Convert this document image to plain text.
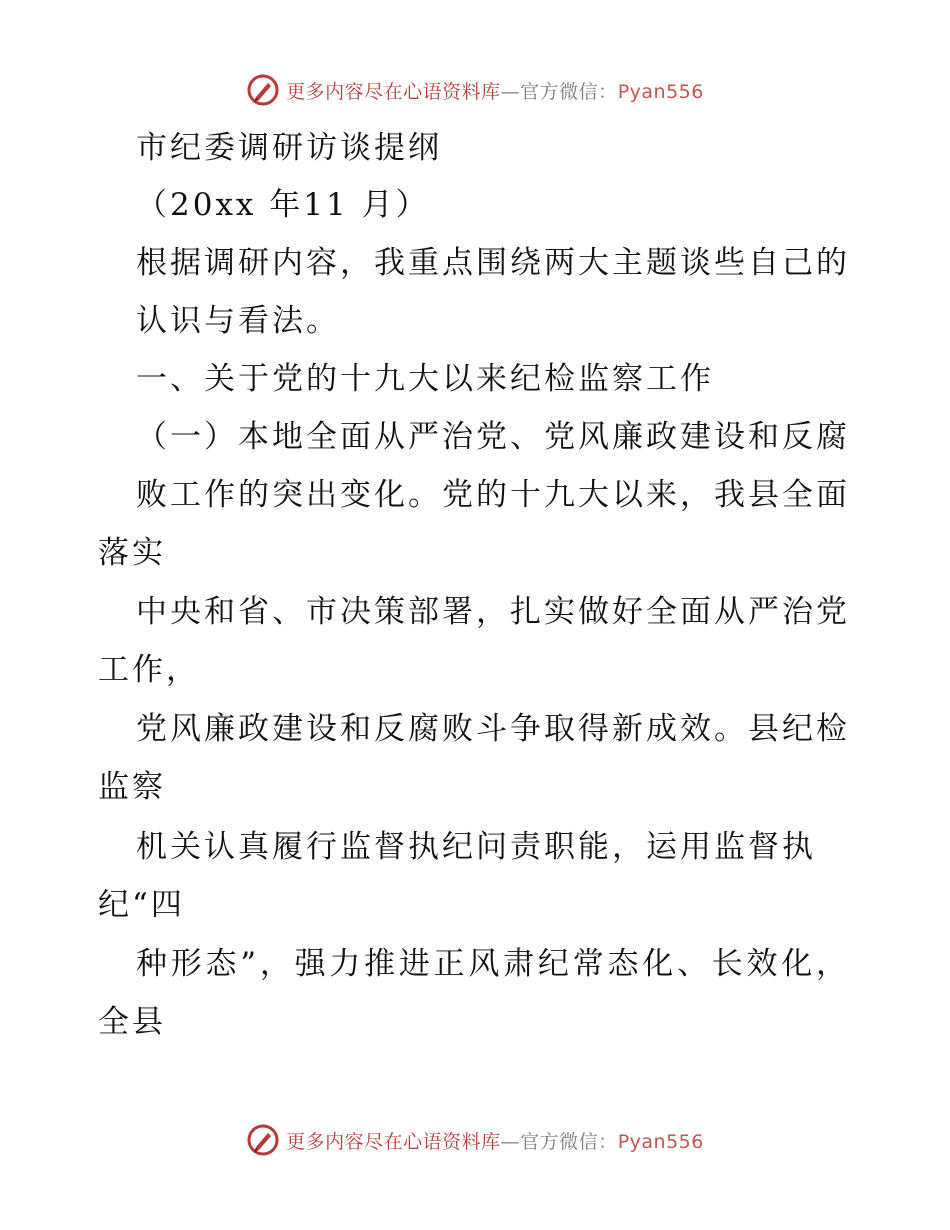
更多内容尽在心语资料库—官方微信：Pyan556
市纪委调研访谈提纲
（20xx 年11 月）
根据调研内容，我重点围绕两大主题谈些自己的
认识与看法。
一、关于党的十九大以来纪检监察工作
（一）本地全面从严治党、党风廉政建设和反腐
败工作的突出变化。党的十九大以来，我县全面
落实
中央和省、市决策部署，扎实做好全面从严治党
工作，
党风廉政建设和反腐败斗争取得新成效。县纪检
监察
机关认真履行监督执纪问责职能，运用监督执
纪“四
种形态”，强力推进正风肃纪常态化、长效化，
全县
更多内容尽在心语资料库—官方微信：Pyan556
